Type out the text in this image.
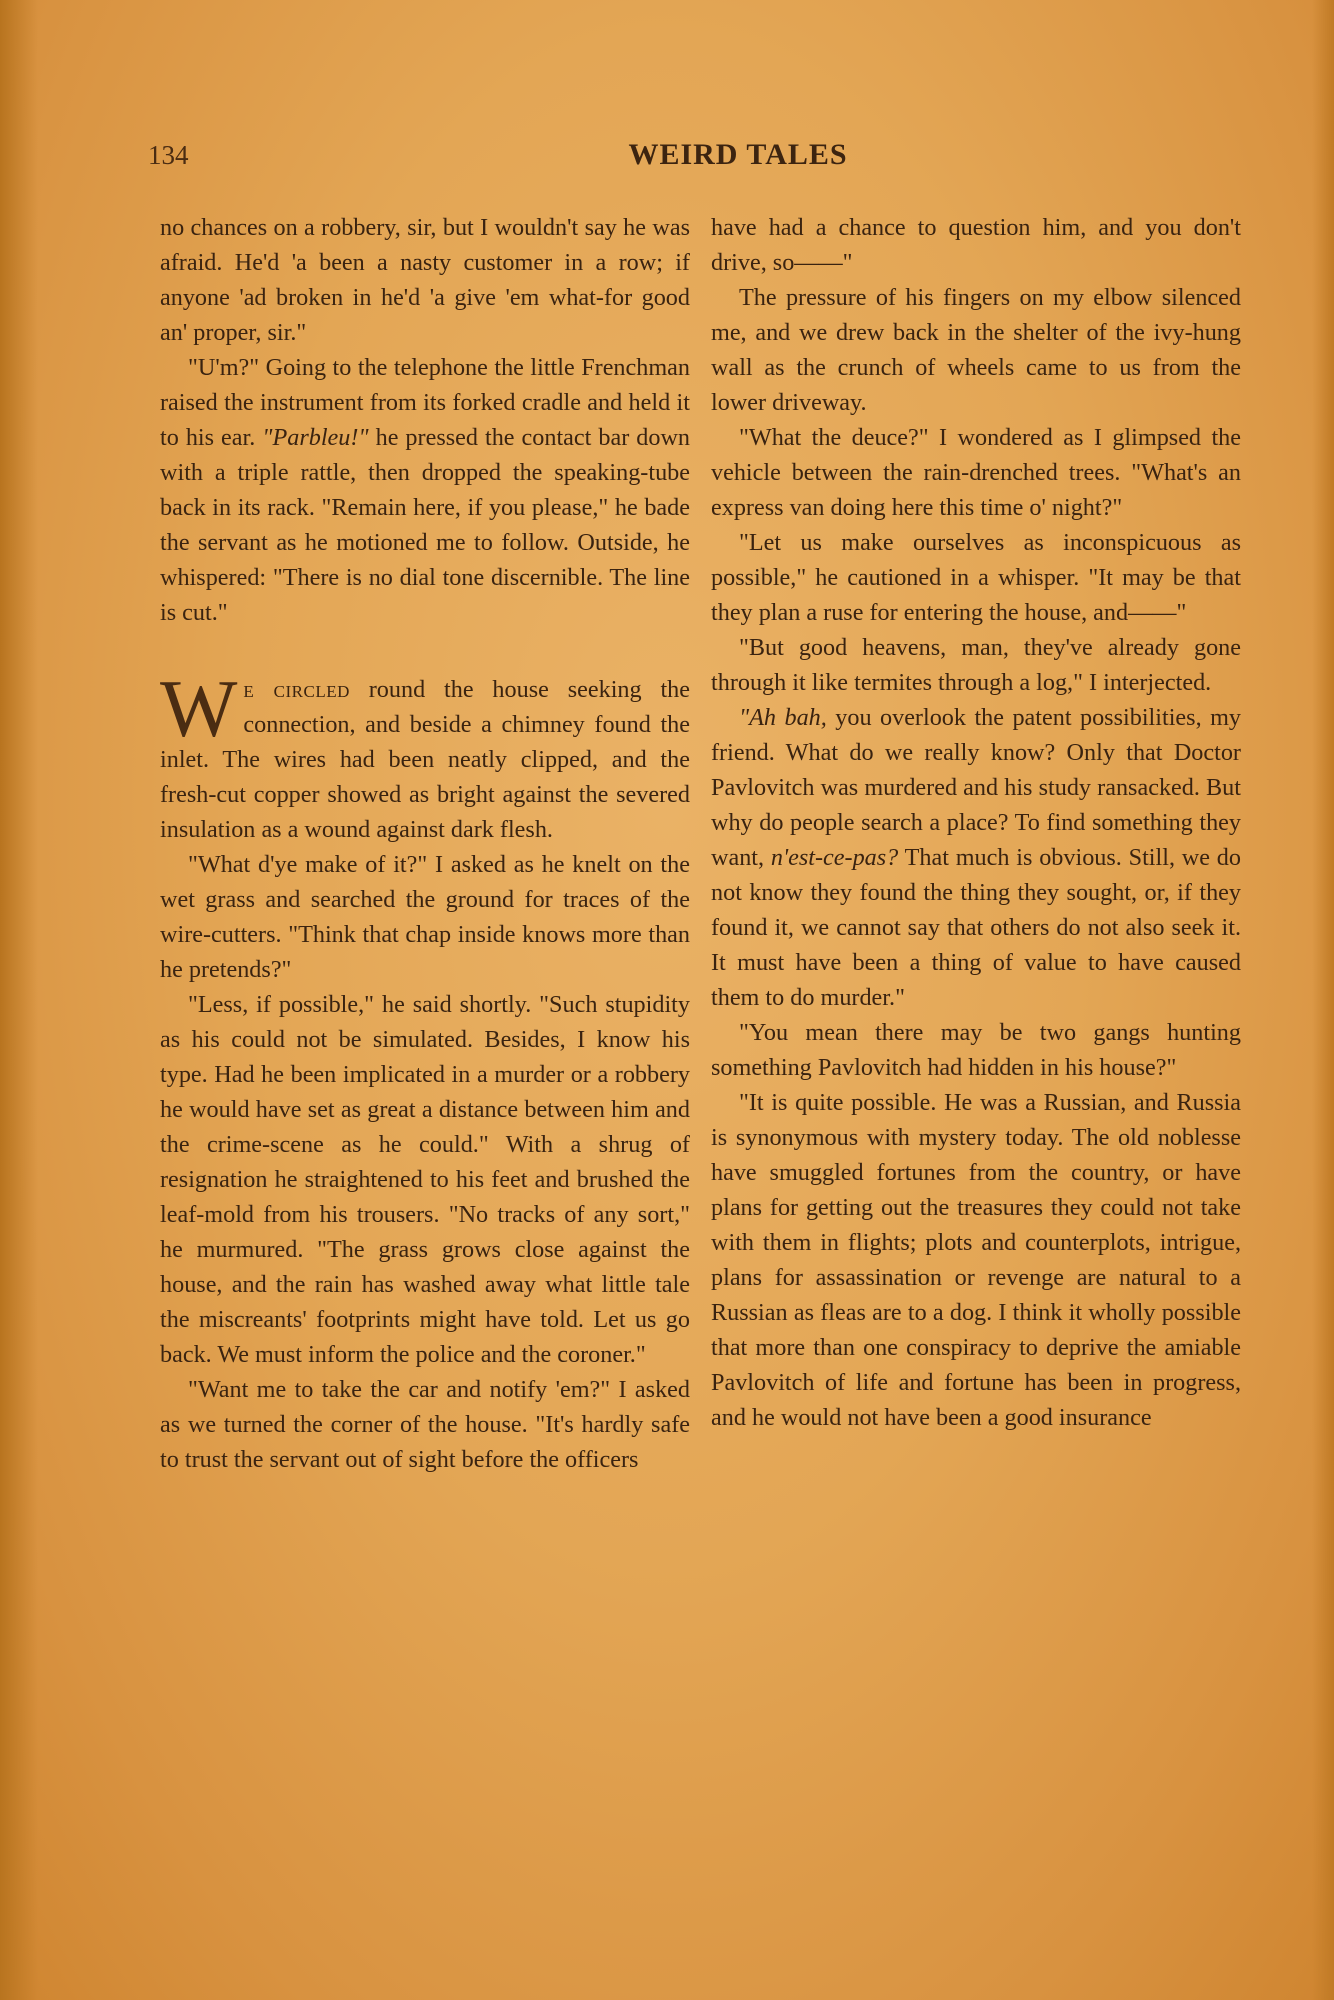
134	WEIRD TALES

no chances on a robbery, sir, but I wouldn't say he was afraid. He'd 'a been a nasty customer in a row; if anyone 'ad broken in he'd 'a give 'em what-for good an' proper, sir."

"U'm?" Going to the telephone the little Frenchman raised the instrument from its forked cradle and held it to his ear. "Parbleu!" he pressed the contact bar down with a triple rattle, then dropped the speaking-tube back in its rack. "Remain here, if you please," he bade the servant as he motioned me to follow. Outside, he whispered: "There is no dial tone discernible. The line is cut."

We circled round the house seeking the connection, and beside a chimney found the inlet. The wires had been neatly clipped, and the fresh-cut copper showed as bright against the severed insulation as a wound against dark flesh.

"What d'ye make of it?" I asked as he knelt on the wet grass and searched the ground for traces of the wire-cutters. "Think that chap inside knows more than he pretends?"

"Less, if possible," he said shortly. "Such stupidity as his could not be simulated. Besides, I know his type. Had he been implicated in a murder or a robbery he would have set as great a distance between him and the crime-scene as he could." With a shrug of resignation he straightened to his feet and brushed the leaf-mold from his trousers. "No tracks of any sort," he murmured. "The grass grows close against the house, and the rain has washed away what little tale the miscreants' footprints might have told. Let us go back. We must inform the police and the coroner."

"Want me to take the car and notify 'em?" I asked as we turned the corner of the house. "It's hardly safe to trust the servant out of sight before the officers

have had a chance to question him, and you don't drive, so——"

The pressure of his fingers on my elbow silenced me, and we drew back in the shelter of the ivy-hung wall as the crunch of wheels came to us from the lower driveway.

"What the deuce?" I wondered as I glimpsed the vehicle between the rain-drenched trees. "What's an express van doing here this time o' night?"

"Let us make ourselves as inconspicuous as possible," he cautioned in a whisper. "It may be that they plan a ruse for entering the house, and——"

"But good heavens, man, they've already gone through it like termites through a log," I interjected.

"Ah bah, you overlook the patent possibilities, my friend. What do we really know? Only that Doctor Pavlovitch was murdered and his study ransacked. But why do people search a place? To find something they want, n'est-ce-pas? That much is obvious. Still, we do not know they found the thing they sought, or, if they found it, we cannot say that others do not also seek it. It must have been a thing of value to have caused them to do murder."

"You mean there may be two gangs hunting something Pavlovitch had hidden in his house?"

"It is quite possible. He was a Russian, and Russia is synonymous with mystery today. The old noblesse have smuggled fortunes from the country, or have plans for getting out the treasures they could not take with them in flights; plots and counterplots, intrigue, plans for assassination or revenge are natural to a Russian as fleas are to a dog. I think it wholly possible that more than one conspiracy to deprive the amiable Pavlovitch of life and fortune has been in progress, and he would not have been a good insurance
